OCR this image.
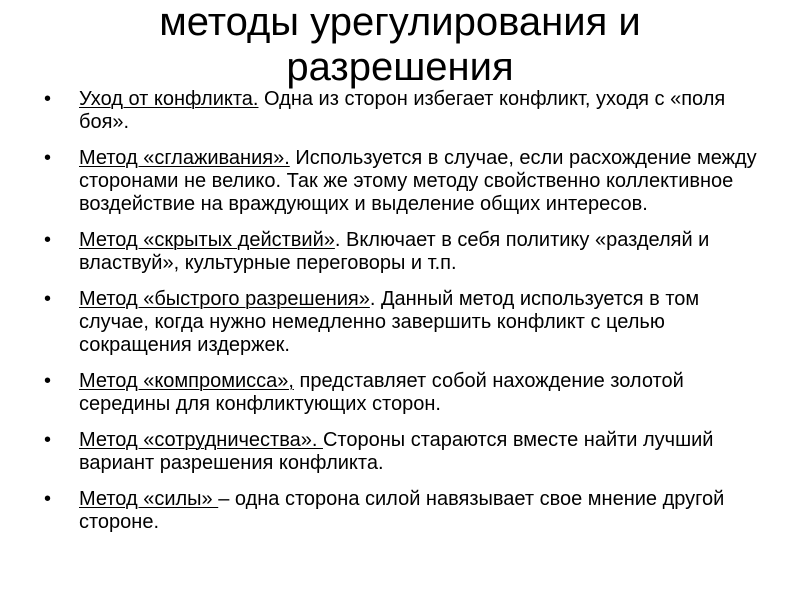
методы урегулирования и
разрешения
• Уход от конфликта. Одна из сторон избегает конфликт, уходя с «поля боя».
• Метод «сглаживания». Используется в случае, если расхождение между сторонами не велико. Так же этому методу свойственно коллективное воздействие на враждующих и выделение общих интересов.
• Метод «скрытых действий». Включает в себя политику «разделяй и властвуй», культурные переговоры и т.п.
• Метод «быстрого разрешения». Данный метод используется в том случае, когда нужно немедленно завершить конфликт с целью сокращения издержек.
• Метод «компромисса», представляет собой нахождение золотой середины для конфликтующих сторон.
• Метод «сотрудничества». Стороны стараются вместе найти лучший вариант разрешения конфликта.
• Метод «силы» – одна сторона силой навязывает свое мнение другой стороне.
